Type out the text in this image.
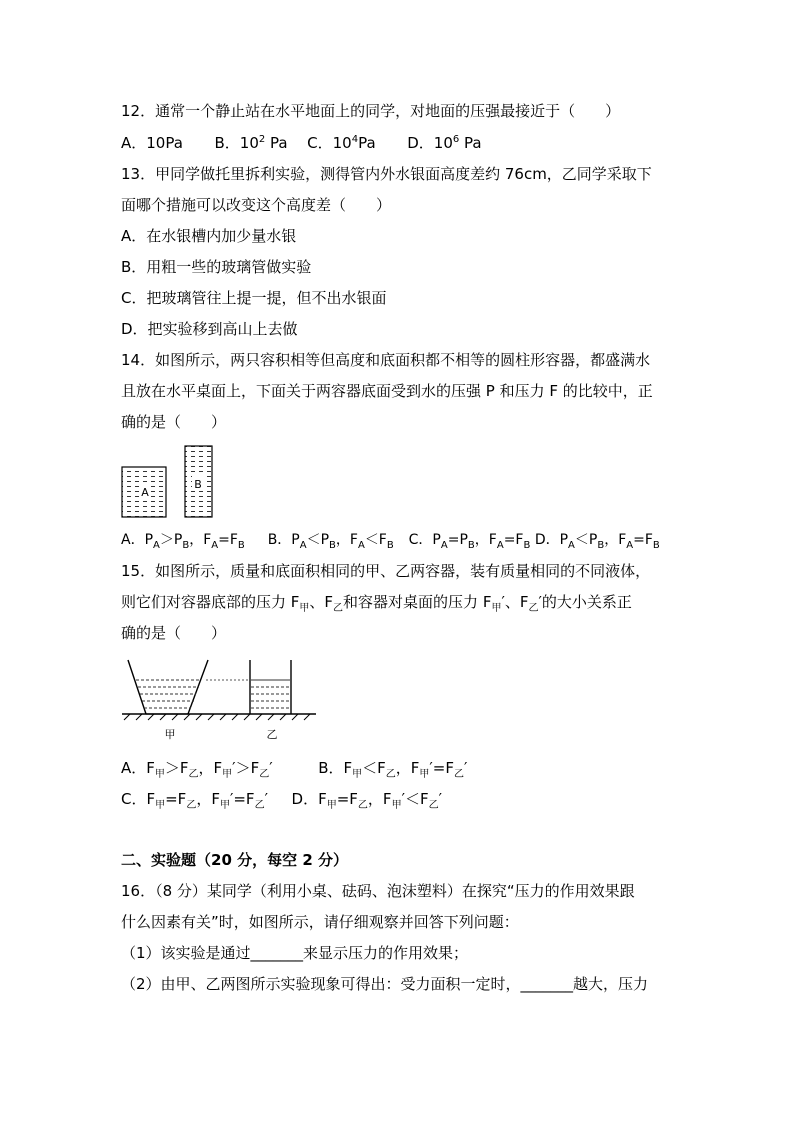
12．通常一个静止站在水平地面上的同学，对地面的压强最接近于（　　）
A．10Pa B．$10^2$ Pa C．$10^4Pa$ D．$10^6$ Pa
13．甲同学做托里拆利实验，测得管内外水银面高度差约 76cm，乙同学采取下
面哪个措施可以改变这个高度差（　　）
A．在水银槽内加少量水银
B．用粗一些的玻璃管做实验
C．把玻璃管往上提一提，但不出水银面
D．把实验移到高山上去做
14．如图所示，两只容积相等但高度和底面积都不相等的圆柱形容器，都盛满水
且放在水平桌面上，下面关于两容器底面受到水的压强 P 和压力 F 的比较中，正
确的是（　　）
A
B
A．$P_A>P_B$，$F_A=F_B$ B．$P_A<P_B$，$F_A<F_B$ C．$P_A=P_B$，$F_A=F_B$ D．$P_A<P_B$，$F_A=F_B$
15．如图所示，质量和底面积相同的甲、乙两容器，装有质量相同的不同液体，
则它们对容器底部的压力 $F_甲$、$F_乙$和容器对桌面的压力 $F_甲'$、$F_乙'$的大小关系正
确的是（　　）
甲	乙
A．$F_甲>F_乙$，$F_甲'>F_乙'$	B．$F_甲<F_乙$，$F_甲'=F_乙'$
C．$F_甲=F_乙$，$F_甲'=F_乙'$ D．$F_甲=F_乙$，$F_甲'<F_乙'$
二、实验题（20 分，每空 2 分）
16．（8 分）某同学（利用小桌、砝码、泡沫塑料）在探究“压力的作用效果跟
什么因素有关”时，如图所示，请仔细观察并回答下列问题：
（1）该实验是通过_______来显示压力的作用效果；
（2）由甲、乙两图所示实验现象可得出：受力面积一定时，_______越大，压力
